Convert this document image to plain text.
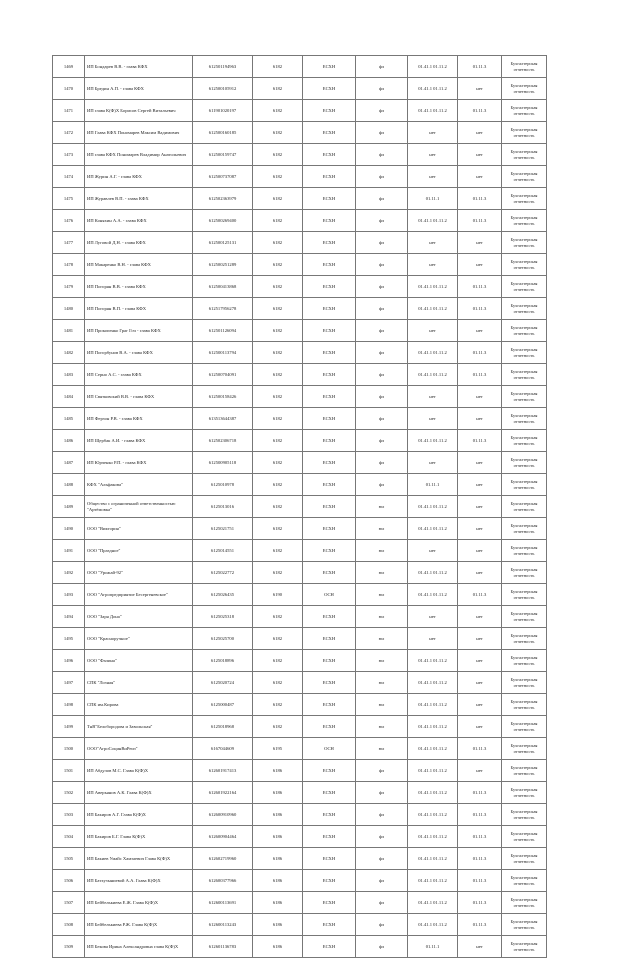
1469	ИП Бондарев В.В. - глава КФХ	612501194963	6182	ЕСХН	фл	01.41.1 01.11.2	01.11.3	Бухгалтерская отчетность
1470	ИП Бредин А.П. - глава КФХ	612500105912	6182	ЕСХН	фл	01.41.1 01.11.2	нет	Бухгалтерская отчетность
1471	ИП глава К(Ф)Х Борисов Сергей Витальевич	611901020197	6182	ЕСХН	фл	01.41.1 01.11.2	01.11.3	Бухгалтерская отчетность
1472	ИП Глава КФХ Пономарев Максим Вадимович	612500160185	6182	ЕСХН	фл	нет	нет	Бухгалтерская отчетность
1473	ИП глава КФХ Пономарев Владимир Анатольевич	612500159747	6182	ЕСХН	фл	нет	нет	Бухгалтерская отчетность
1474	ИП Журин А.Г. - глава КФХ	612500737087	6182	ЕСХН	фл	нет	нет	Бухгалтерская отчетность
1475	ИП Журавлев В.П. - глава КФХ	612502363979	6182	ЕСХН	фл	01.11.1	01.11.3	Бухгалтерская отчетность
1476	ИП Коняхин А.А. - глава КФХ	612500269400	6182	ЕСХН	фл	01.41.1 01.11.2	01.11.3	Бухгалтерская отчетность
1477	ИП Луговой Д.Н. - глава КФХ	612500125131	6182	ЕСХН	фл	нет	нет	Бухгалтерская отчетность
1478	ИП Макаренко В.Н. - глава КФХ	612500251289	6182	ЕСХН	фл	нет	нет	Бухгалтерская отчетность
1479	ИП Погорян В.В. - глава КФХ	612500413868	6182	ЕСХН	фл	01.41.1 01.11.2	01.11.3	Бухгалтерская отчетность
1480	ИП Погорян В.П. - глава КФХ	612517956278	6182	ЕСХН	фл	01.41.1 01.11.2	01.11.3	Бухгалтерская отчетность
1481	ИП Прокопенко Граг Гоч - глава КФХ	612501126094	6182	ЕСХН	фл	нет	нет	Бухгалтерская отчетность
1482	ИП Погорбунов В.А. - глава КФХ	612500113794	6182	ЕСХН	фл	01.41.1 01.11.2	01.11.3	Бухгалтерская отчетность
1483	ИП Серно А.С. - глава КФХ	612500704091	6182	ЕСХН	фл	01.41.1 01.11.2	01.11.3	Бухгалтерская отчетность
1484	ИП Святковский В.В. - глава КФХ	612500158426	6182	ЕСХН	фл	нет	нет	Бухгалтерская отчетность
1485	ИП Ферзон Р.В. - глава КФХ	613513644387	6182	ЕСХН	фл	нет	нет	Бухгалтерская отчетность
1486	ИП Щербак А.И. - глава КФХ	612502306718	6182	ЕСХН	фл	01.41.1 01.11.2	01.11.3	Бухгалтерская отчетность
1487	ИП Юрченко Р.П. - глава КФХ	612500905118	6182	ЕСХН	фл	нет	нет	Бухгалтерская отчетность
1488	КФХ "Альфакова"	6125010978	6182	ЕСХН	фл	01.11.1	нет	Бухгалтерская отчетность
1489	Общество с ограниченной ответственностью "Артёмовка"	6125013016	6182	ЕСХН	юл	01.41.1 01.11.2	нет	Бухгалтерская отчетность
1490	ООО "Виктория"	6125021751	6182	ЕСХН	юл	01.41.1 01.11.2	нет	Бухгалтерская отчетность
1491	ООО "Праздное"	6125014551	6182	ЕСХН	юл	нет	нет	Бухгалтерская отчетность
1492	ООО "Урожай-92"	6125022772	6182	ЕСХН	юл	01.41.1 01.11.2	нет	Бухгалтерская отчетность
1493	ООО "Агропредприятие Бесергеневское"	6125026435	6190	ОСН	юл	01.41.1 01.11.2	01.11.3	Бухгалтерская отчетность
1494	ООО "Заря Дона"	6125025318	6182	ЕСХН	юл	нет	нет	Бухгалтерская отчетность
1495	ООО "Красноручное"	6125025700	6182	ЕСХН	юл	нет	нет	Бухгалтерская отчетность
1496	ООО "Фалина"	6125018896	6182	ЕСХН	юл	01.41.1 01.11.2	нет	Бухгалтерская отчетность
1497	СПК "Лозная"	6125020724	6182	ЕСХН	юл	01.41.1 01.11.2	нет	Бухгалтерская отчетность
1498	СПК им.Кирова	6125000487	6182	ЕСХН	юл	01.41.1 01.11.2	нет	Бухгалтерская отчетность
1499	ТнВ"Белобородова и Завольская"	6125018968	6182	ЕСХН	юл	01.41.1 01.11.2	нет	Бухгалтерская отчетность
1500	ООО"АгроСоцинВиРеиз"	6167044609	6195	ОСН	юл	01.41.1 01.11.2	01.11.3	Бухгалтерская отчетность
1501	ИП Абдулов М.С. Глава К(Ф)Х	612601917413	6186	ЕСХН	фл	01.41.1 01.11.2	нет	Бухгалтерская отчетность
1502	ИП Аверьянов А.К. Глава К(Ф)Х	612601922164	6186	ЕСХН	фл	01.41.1 01.11.2	01.11.3	Бухгалтерская отчетность
1503	ИП Бакиров А.Г. Глава К(Ф)Х	612600910960	6186	ЕСХН	фл	01.41.1 01.11.2	01.11.3	Бухгалтерская отчетность
1504	ИП Бакиров Б.Г. Глава К(Ф)Х	612600904464	6186	ЕСХН	фл	01.41.1 01.11.2	01.11.3	Бухгалтерская отчетность
1505	ИП Бакиев Умайс Хамзаевич Глава К(Ф)Х	612602719960	6186	ЕСХН	фл	01.41.1 01.11.2	01.11.3	Бухгалтерская отчетность
1506	ИП Батхузыниевой А.А. Глава К(Ф)Х	612600377966	6186	ЕСХН	фл	01.41.1 01.11.2	01.11.3	Бухгалтерская отчетность
1507	ИП Бейбелькиева Е.Ж. Глава К(Ф)Х	612600113691	6186	ЕСХН	фл	01.41.1 01.11.2	01.11.3	Бухгалтерская отчетность
1508	ИП Бейбелькиева Р.Ж. Глава К(Ф)Х	612600113243	6186	ЕСХН	фл	01.41.1 01.11.2	01.11.3	Бухгалтерская отчетность
1509	ИП Бекова Ирина Александровна глава К(Ф)Х	612601136783	6186	ЕСХН	фл	01.11.1	нет	Бухгалтерская отчетность
